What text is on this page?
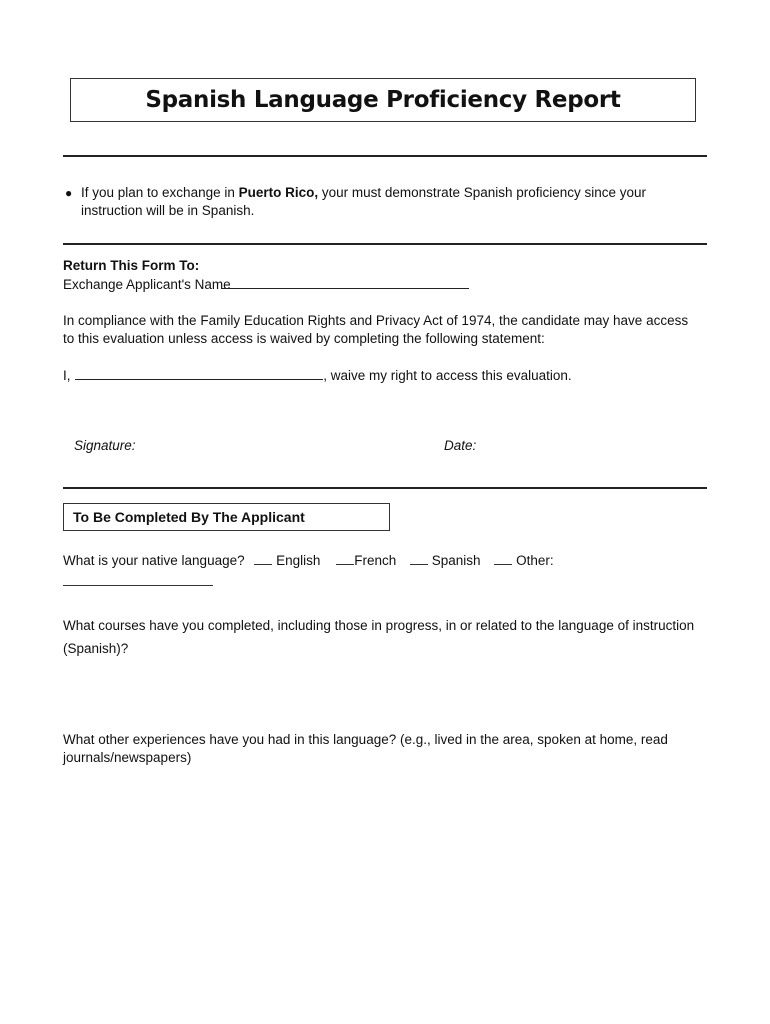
Spanish Language Proficiency Report
● If you plan to exchange in Puerto Rico, your must demonstrate Spanish proficiency since your instruction will be in Spanish.
Return This Form To:
Exchange Applicant's Name
In compliance with the Family Education Rights and Privacy Act of 1974, the candidate may have access to this evaluation unless access is waived by completing the following statement:
I,	, waive my right to access this evaluation.
Signature:	Date:
To Be Completed By The Applicant
What is your native language? English	French	Spanish	Other:
What courses have you completed, including those in progress, in or related to the language of instruction (Spanish)?
What other experiences have you had in this language? (e.g., lived in the area, spoken at home, read journals/newspapers)
